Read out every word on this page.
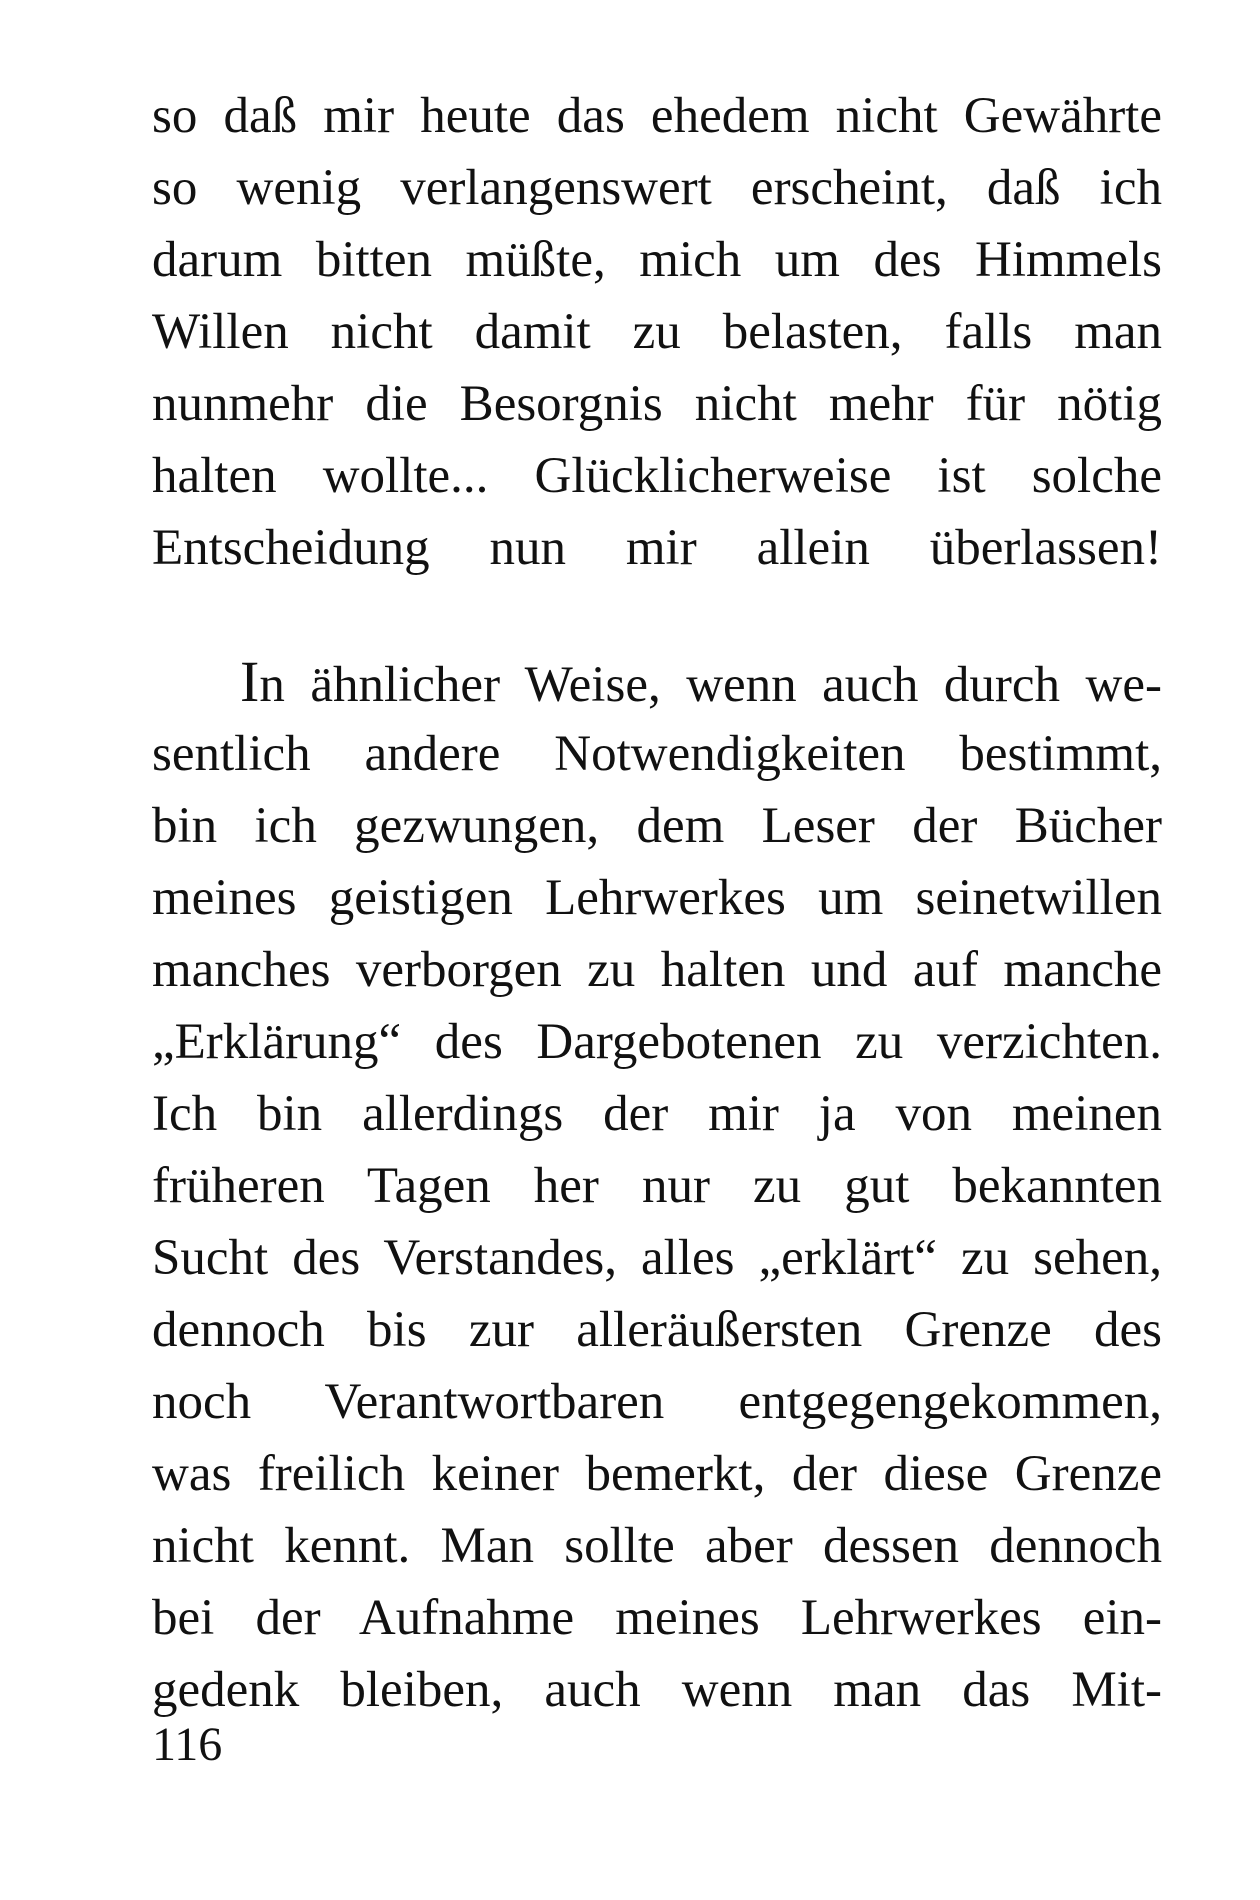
so daß mir heute das ehedem nicht Gewährte
so wenig verlangenswert erscheint, daß ich
darum bitten müßte, mich um des Himmels
Willen nicht damit zu belasten, falls man
nunmehr die Besorgnis nicht mehr für nötig
halten wollte... Glücklicherweise ist solche
Entscheidung nun mir allein überlassen!
In ähnlicher Weise, wenn auch durch we-
sentlich andere Notwendigkeiten bestimmt,
bin ich gezwungen, dem Leser der Bücher
meines geistigen Lehrwerkes um seinetwillen
manches verborgen zu halten und auf manche
„Erklärung“ des Dargebotenen zu verzichten.
Ich bin allerdings der mir ja von meinen
früheren Tagen her nur zu gut bekannten
Sucht des Verstandes, alles „erklärt“ zu sehen,
dennoch bis zur alleräußersten Grenze des
noch Verantwortbaren entgegengekommen,
was freilich keiner bemerkt, der diese Grenze
nicht kennt. Man sollte aber dessen dennoch
bei der Aufnahme meines Lehrwerkes ein-
gedenk bleiben, auch wenn man das Mit-
116
